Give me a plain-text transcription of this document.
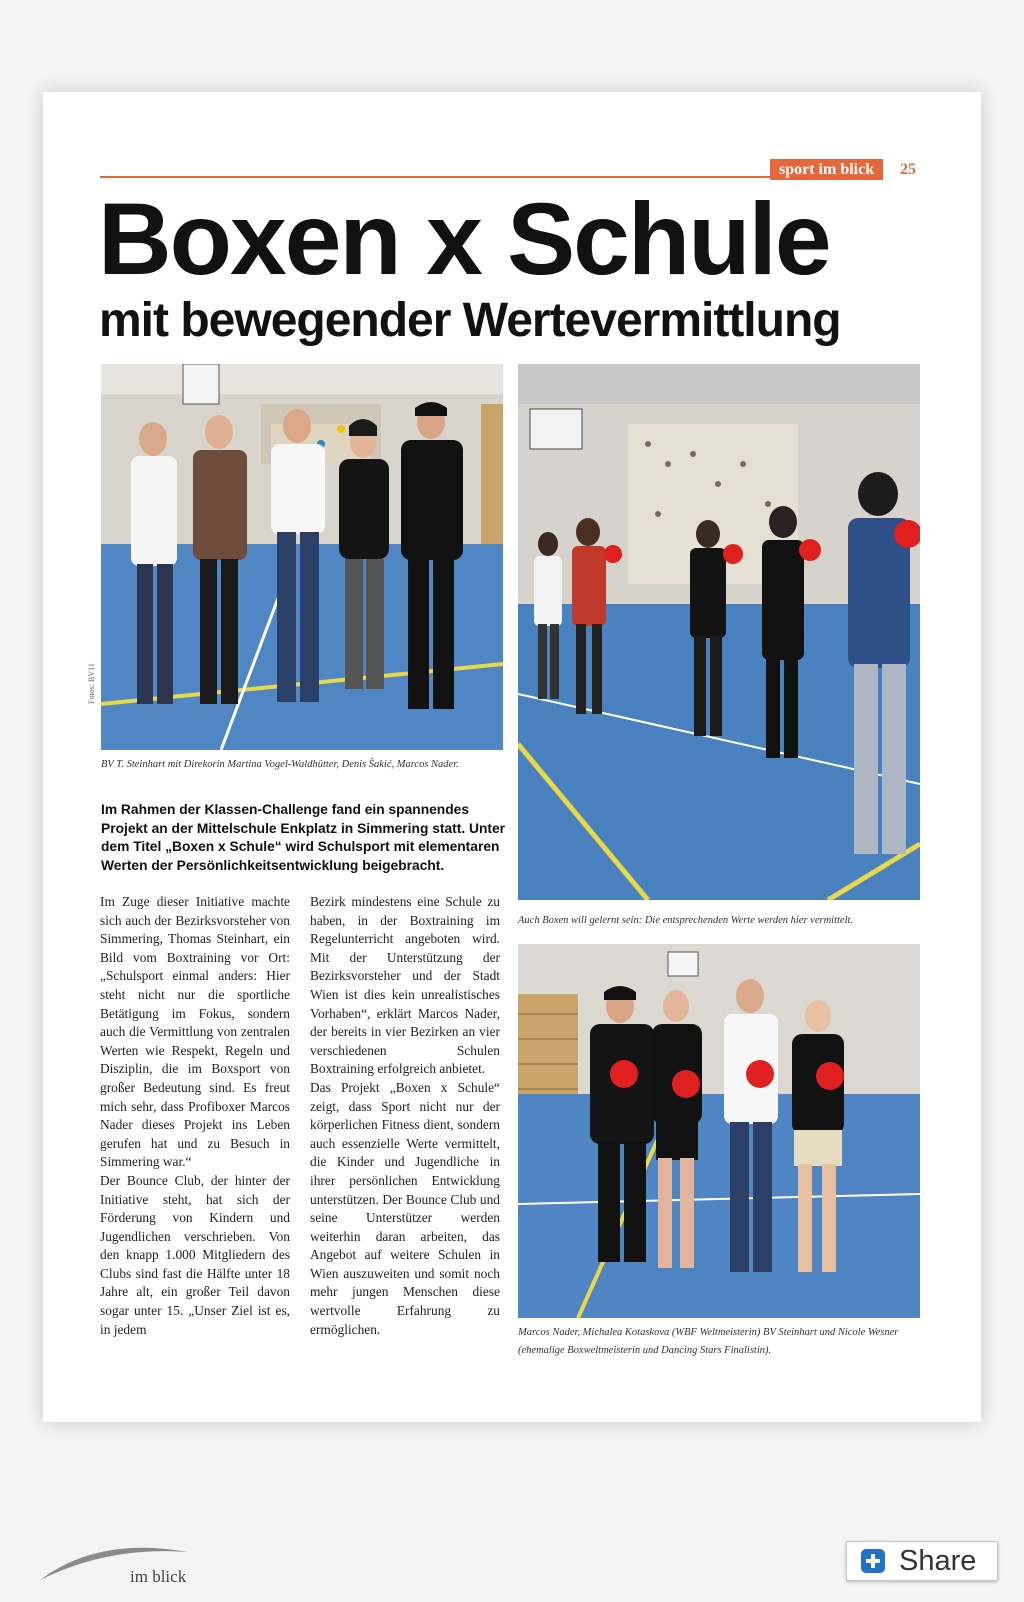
sport im blick	25
Boxen x Schule
mit bewegender Wertevermittlung
Fotos: BV11
BV T. Steinhart mit Direkorin Martina Vogel-Waldhütter, Denis Šakić, Marcos Nader.
Auch Boxen will gelernt sein: Die entsprechenden Werte werden hier vermittelt.
Marcos Nader, Michalea Kotaskova (WBF Weltmeisterin) BV Steinhart und Nicole Wesner (ehemalige Boxweltmeisterin und Dancing Stars Finalistin).

Im Rahmen der Klassen-Challenge fand ein spannendes Projekt an der Mittelschule Enkplatz in Simmering statt. Unter dem Titel „Boxen x Schule“ wird Schulsport mit elementaren Werten der Persönlichkeitsentwicklung beigebracht.

Im Zuge dieser Initiative machte sich auch der Bezirksvorsteher von Simmering, Thomas Steinhart, ein Bild vom Boxtraining vor Ort: „Schulsport einmal anders: Hier steht nicht nur die sportliche Betätigung im Fokus, sondern auch die Vermittlung von zentralen Werten wie Respekt, Regeln und Disziplin, die im Boxsport von großer Bedeutung sind. Es freut mich sehr, dass Profiboxer Marcos Nader dieses Projekt ins Leben gerufen hat und zu Besuch in Simmering war.“

Der Bounce Club, der hinter der Initiative steht, hat sich der Förderung von Kindern und Jugendlichen verschrieben. Von den knapp 1.000 Mitgliedern des Clubs sind fast die Hälfte unter 18 Jahre alt, ein großer Teil davon sogar unter 15. „Unser Ziel ist es, in jedem

Bezirk mindestens eine Schule zu haben, in der Boxtraining im Regelunterricht angeboten wird. Mit der Unterstützung der Bezirksvorsteher und der Stadt Wien ist dies kein unrealistisches Vorhaben“, erklärt Marcos Nader, der bereits in vier Bezirken an vier verschiedenen Schulen Boxtraining erfolgreich anbietet.

Das Projekt „Boxen x Schule“ zeigt, dass Sport nicht nur der körperlichen Fitness dient, sondern auch essenzielle Werte vermittelt, die Kinder und Jugendliche in ihrer persönlichen Entwicklung unterstützen. Der Bounce Club und seine Unterstützer werden weiterhin daran arbeiten, das Angebot auf weitere Schulen in Wien auszuweiten und somit noch mehr jungen Menschen diese wertvolle Erfahrung zu ermöglichen.

im blick	Share
